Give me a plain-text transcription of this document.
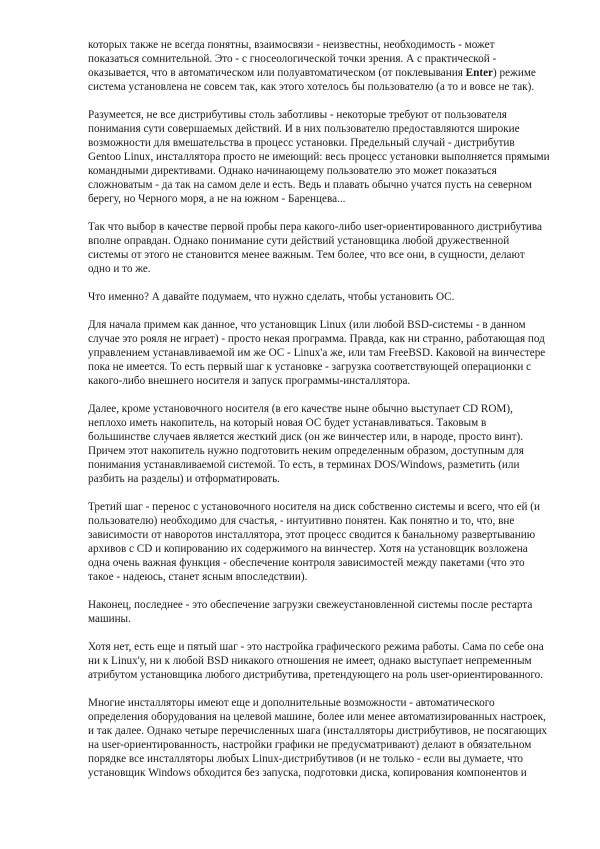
которых также не всегда понятны, взаимосвязи - неизвестны, необходимость - может
показаться сомнительной. Это - с гносеологической точки зрения. А с практической -
оказывается, что в автоматическом или полуавтоматическом (от поклевывания Enter) режиме
система установлена не совсем так, как этого хотелось бы пользователю (а то и вовсе не так).
Разумеется, не все дистрибутивы столь заботливы - некоторые требуют от пользователя
понимания сути совершаемых действий. И в них пользователю предоставляются широкие
возможности для вмешательства в процесс установки. Предельный случай - дистрибутив
Gentoo Linux, инсталлятора просто не имеющий: весь процесс установки выполняется прямыми
командными директивами. Однако начинающему пользователю это может показаться
сложноватым - да так на самом деле и есть. Ведь и плавать обычно учатся пусть на северном
берегу, но Черного моря, а не на южном - Баренцева...
Так что выбор в качестве первой пробы пера какого-либо user-ориентированного дистрибутива
вполне оправдан. Однако понимание сути действий установщика любой дружественной
системы от этого не становится менее важным. Тем более, что все они, в сущности, делают
одно и то же.
Что именно? А давайте подумаем, что нужно сделать, чтобы установить ОС.
Для начала примем как данное, что установщик Linux (или любой BSD-системы - в данном
случае это рояля не играет) - просто некая программа. Правда, как ни странно, работающая под
управлением устанавливаемой им же ОС - Linux'а же, или там FreeBSD. Каковой на винчестере
пока не имеется. То есть первый шаг к установке - загрузка соответствующей операционки с
какого-либо внешнего носителя и запуск программы-инсталлятора.
Далее, кроме установочного носителя (в его качестве ныне обычно выступает CD ROM),
неплохо иметь накопитель, на который новая ОС будет устанавливаться. Таковым в
большинстве случаев является жесткий диск (он же винчестер или, в народе, просто винт).
Причем этот накопитель нужно подготовить неким определенным образом, доступным для
понимания устанавливаемой системой. То есть, в терминах DOS/Windows, разметить (или
разбить на разделы) и отформатировать.
Третий шаг - перенос с установочного носителя на диск собственно системы и всего, что ей (и
пользователю) необходимо для счастья, - интуитивно понятен. Как понятно и то, что, вне
зависимости от наворотов инсталлятора, этот процесс сводится к банальному развертыванию
архивов с CD и копированию их содержимого на винчестер. Хотя на установщик возложена
одна очень важная функция - обеспечение контроля зависимостей между пакетами (что это
такое - надеюсь, станет ясным впоследствии).
Наконец, последнее - это обеспечение загрузки свежеустановленной системы после рестарта
машины.
Хотя нет, есть еще и пятый шаг - это настройка графического режима работы. Сама по себе она
ни к Linux'у, ни к любой BSD никакого отношения не имеет, однако выступает непременным
атрибутом установщика любого дистрибутива, претендующего на роль user-ориентированного.
Многие инсталляторы имеют еще и дополнительные возможности - автоматического
определения оборудования на целевой машине, более или менее автоматизированных настроек,
и так далее. Однако четыре перечисленных шага (инсталляторы дистрибутивов, не посягающих
на user-ориентированность, настройки графики не предусматривают) делают в обязательном
порядке все инсталляторы любых Linux-дистрибутивов (и не только - если вы думаете, что
установщик Windows обходится без запуска, подготовки диска, копирования компонентов и
